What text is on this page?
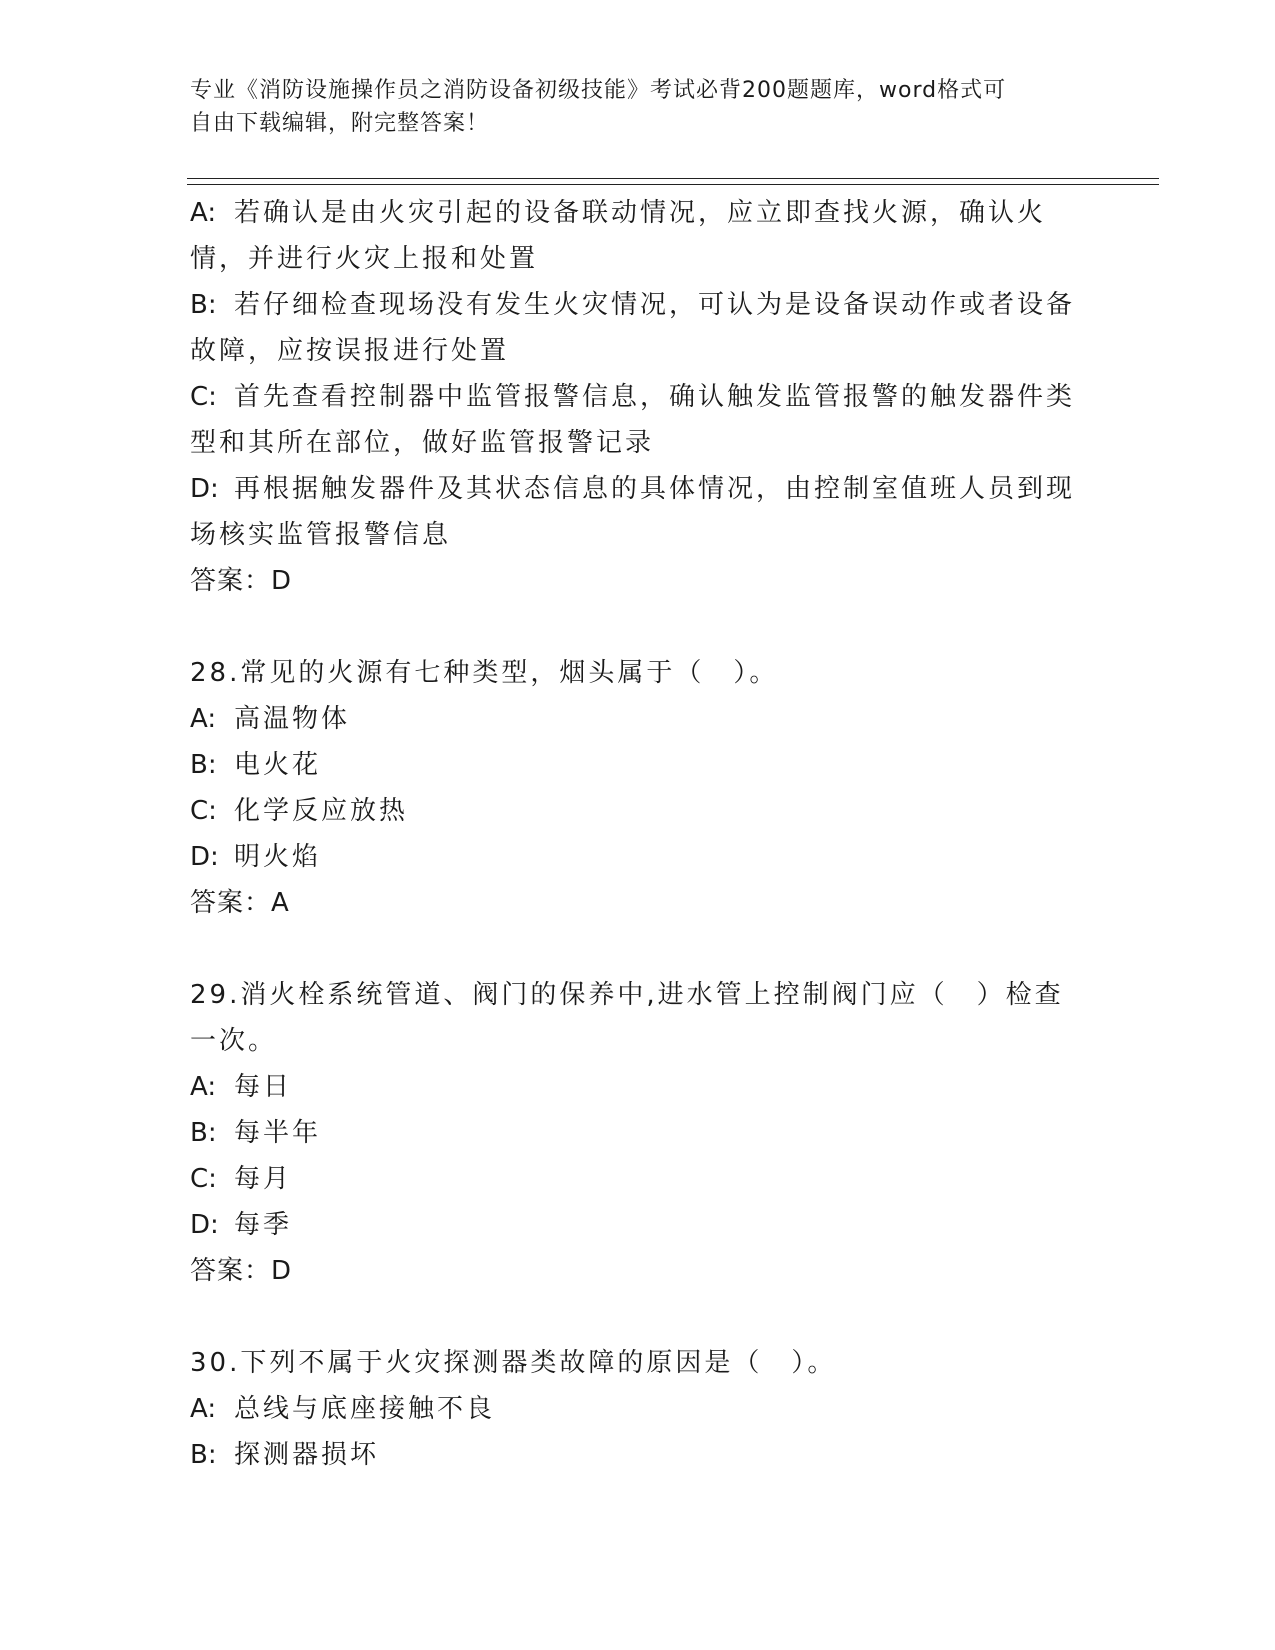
专业《消防设施操作员之消防设备初级技能》考试必背200题题库，word格式可
自由下载编辑，附完整答案！

A: 若确认是由火灾引起的设备联动情况，应立即查找火源，确认火情，并进行火灾上报和处置

B: 若仔细检查现场没有发生火灾情况，可认为是设备误动作或者设备故障，应按误报进行处置

C: 首先查看控制器中监管报警信息，确认触发监管报警的触发器件类型和其所在部位，做好监管报警记录

D: 再根据触发器件及其状态信息的具体情况，由控制室值班人员到现场核实监管报警信息

答案：D

28.常见的火源有七种类型，烟头属于（　）。

A: 高温物体

B: 电火花

C: 化学反应放热

D: 明火焰

答案：A

29.消火栓系统管道、阀门的保养中,进水管上控制阀门应（　）检查一次。

A: 每日

B: 每半年

C: 每月

D: 每季

答案：D

30.下列不属于火灾探测器类故障的原因是（　）。

A: 总线与底座接触不良

B: 探测器损坏
